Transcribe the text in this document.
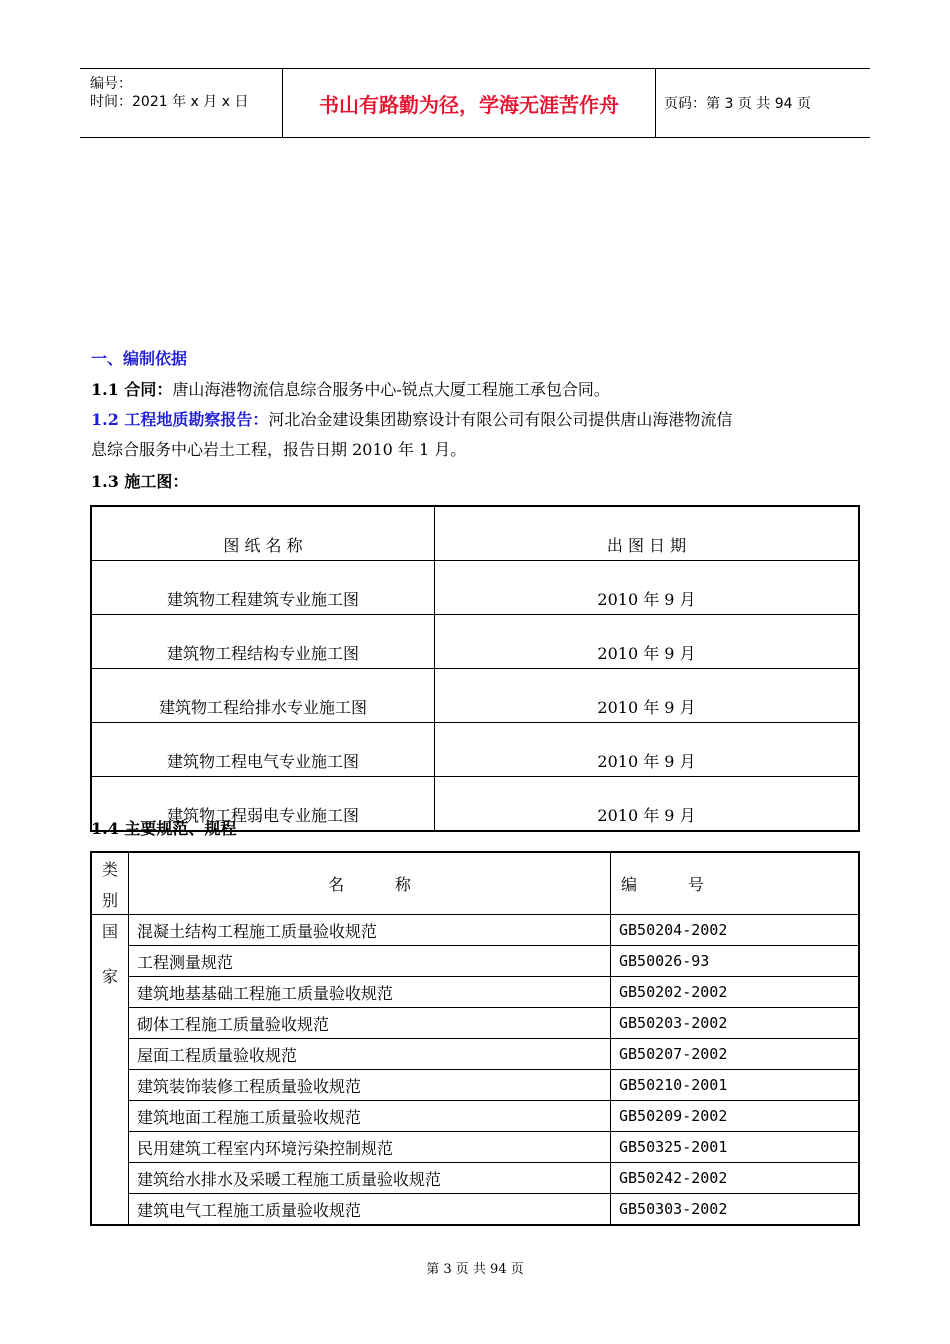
编号：
时间：2021 年 x 月 x 日	书山有路勤为径，学海无涯苦作舟	页码：第 3 页 共 94 页
一、编制依据
1.1 合同：唐山海港物流信息综合服务中心-锐点大厦工程施工承包合同。
1.2 工程地质勘察报告：河北冶金建设集团勘察设计有限公司有限公司提供唐山海港物流信
息综合服务中心岩土工程，报告日期 2010 年 1 月。
1.3 施工图：
图 纸 名 称	出 图 日 期
建筑物工程建筑专业施工图	2010 年 9 月
建筑物工程结构专业施工图	2010 年 9 月
建筑物工程给排水专业施工图	2010 年 9 月
建筑物工程电气专业施工图	2010 年 9 月
建筑物工程弱电专业施工图	2010 年 9 月
1.4 主要规范、规程
类
别	名          称	编          号

国
家	混凝土结构工程施工质量验收规范	GB50204-2002
	工程测量规范	GB50026-93
	建筑地基基础工程施工质量验收规范	GB50202-2002
	砌体工程施工质量验收规范	GB50203-2002
	屋面工程质量验收规范	GB50207-2002
	建筑装饰装修工程质量验收规范	GB50210-2001
	建筑地面工程施工质量验收规范	GB50209-2002
	民用建筑工程室内环境污染控制规范	GB50325-2001
	建筑给水排水及采暖工程施工质量验收规范	GB50242-2002
	建筑电气工程施工质量验收规范	GB50303-2002
第 3 页 共 94 页
